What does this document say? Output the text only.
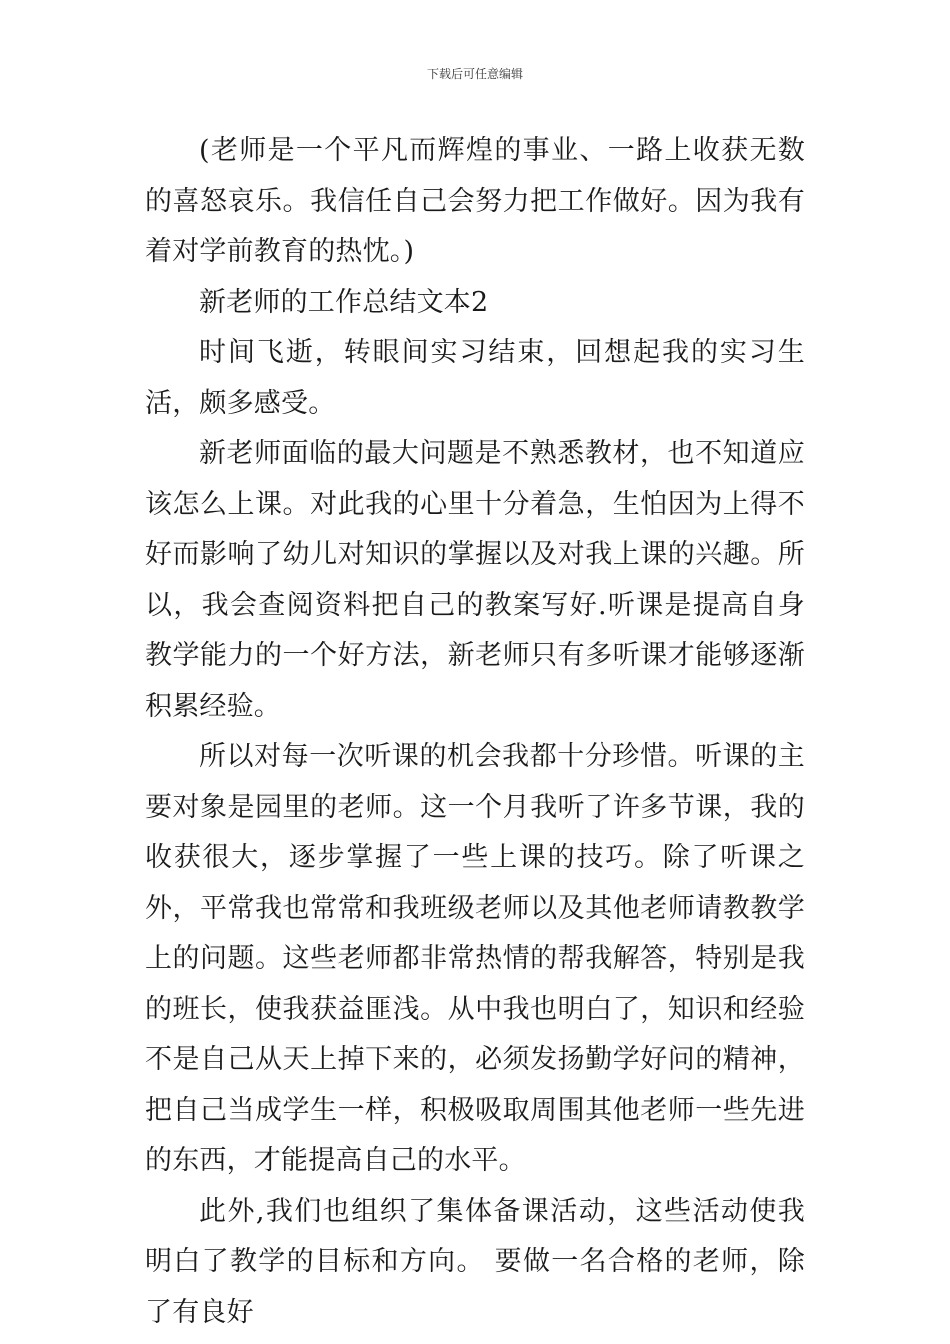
下载后可任意编辑

(老师是一个平凡而辉煌的事业、一路上收获无数的喜怒哀乐。我信任自己会努力把工作做好。因为我有着对学前教育的热忱。)

新老师的工作总结文本2

时间飞逝，转眼间实习结束，回想起我的实习生活，颇多感受。

新老师面临的最大问题是不熟悉教材，也不知道应该怎么上课。对此我的心里十分着急，生怕因为上得不好而影响了幼儿对知识的掌握以及对我上课的兴趣。所以，我会查阅资料把自己的教案写好.听课是提高自身教学能力的一个好方法，新老师只有多听课才能够逐渐积累经验。

所以对每一次听课的机会我都十分珍惜。听课的主要对象是园里的老师。这一个月我听了许多节课，我的收获很大，逐步掌握了一些上课的技巧。除了听课之外，平常我也常常和我班级老师以及其他老师请教教学上的问题。这些老师都非常热情的帮我解答，特别是我的班长，使我获益匪浅。从中我也明白了，知识和经验不是自己从天上掉下来的，必须发扬勤学好问的精神，把自己当成学生一样，积极吸取周围其他老师一些先进的东西，才能提高自己的水平。

此外,我们也组织了集体备课活动，这些活动使我明白了教学的目标和方向。 要做一名合格的老师，除了有良好
